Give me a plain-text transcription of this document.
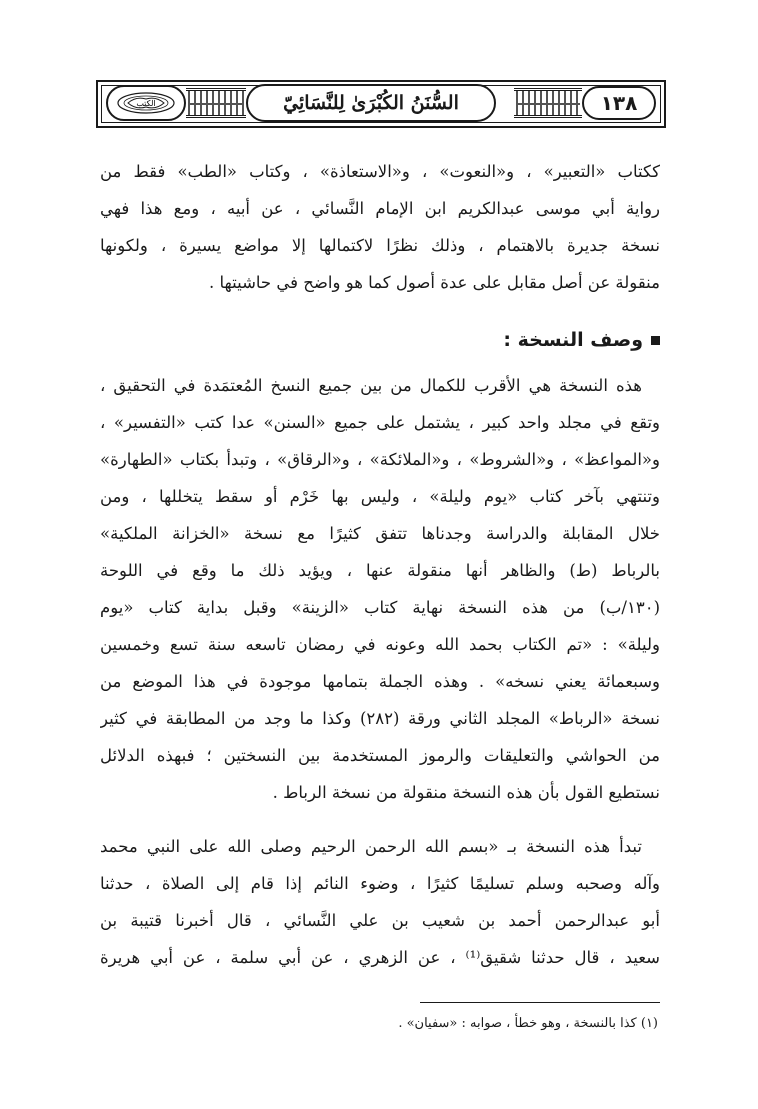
١٣٨
السُّنَنُ الكُبْرَىٰ لِلنَّسَائِيّ
الكتب
ككتاب «التعبير» ، و«النعوت» ، و«الاستعاذة» ، وكتاب «الطب» فقط من
رواية أبي موسى عبدالكريم ابن الإمام النَّسائي ، عن أبيه ، ومع هذا فهي
نسخة جديرة بالاهتمام ، وذلك نظرًا لاكتمالها إلا مواضع يسيرة ، ولكونها
منقولة عن أصل مقابل على عدة أصول كما هو واضح في حاشيتها .
وصف النسخة :
هذه النسخة هي الأقرب للكمال من بين جميع النسخ المُعتمَدة في التحقيق ،
وتقع في مجلد واحد كبير ، يشتمل على جميع «السنن» عدا كتب «التفسير» ،
و«المواعظ» ، و«الشروط» ، و«الملائكة» ، و«الرقاق» ، وتبدأ بكتاب «الطهارة»
وتنتهي بآخر كتاب «يوم وليلة» ، وليس بها خَرْم أو سقط يتخللها ، ومن
خلال المقابلة والدراسة وجدناها تتفق كثيرًا مع نسخة «الخزانة الملكية»
بالرباط (ط) والظاهر أنها منقولة عنها ، ويؤيد ذلك ما وقع في اللوحة
(١٣٠/ب) من هذه النسخة نهاية كتاب «الزينة» وقبل بداية كتاب «يوم
وليلة» : «تم الكتاب بحمد الله وعونه في رمضان تاسعه سنة تسع وخمسين
وسبعمائة يعني نسخه» . وهذه الجملة بتمامها موجودة في هذا الموضع من
نسخة «الرباط» المجلد الثاني ورقة (٢٨٢) وكذا ما وجد من المطابقة في كثير
من الحواشي والتعليقات والرموز المستخدمة بين النسختين ؛ فبهذه الدلائل
نستطيع القول بأن هذه النسخة منقولة من نسخة الرباط .
تبدأ هذه النسخة بـ «بسم الله الرحمن الرحيم وصلى الله على النبي محمد
وآله وصحبه وسلم تسليمًا كثيرًا ، وضوء النائم إذا قام إلى الصلاة ، حدثنا
أبو عبدالرحمن أحمد بن شعيب بن علي النَّسائي ، قال أخبرنا قتيبة بن
سعيد ، قال حدثنا شقيق⁽¹⁾ ، عن الزهري ، عن أبي سلمة ، عن أبي هريرة
(١) كذا بالنسخة ، وهو خطأ ، صوابه : «سفيان» .
